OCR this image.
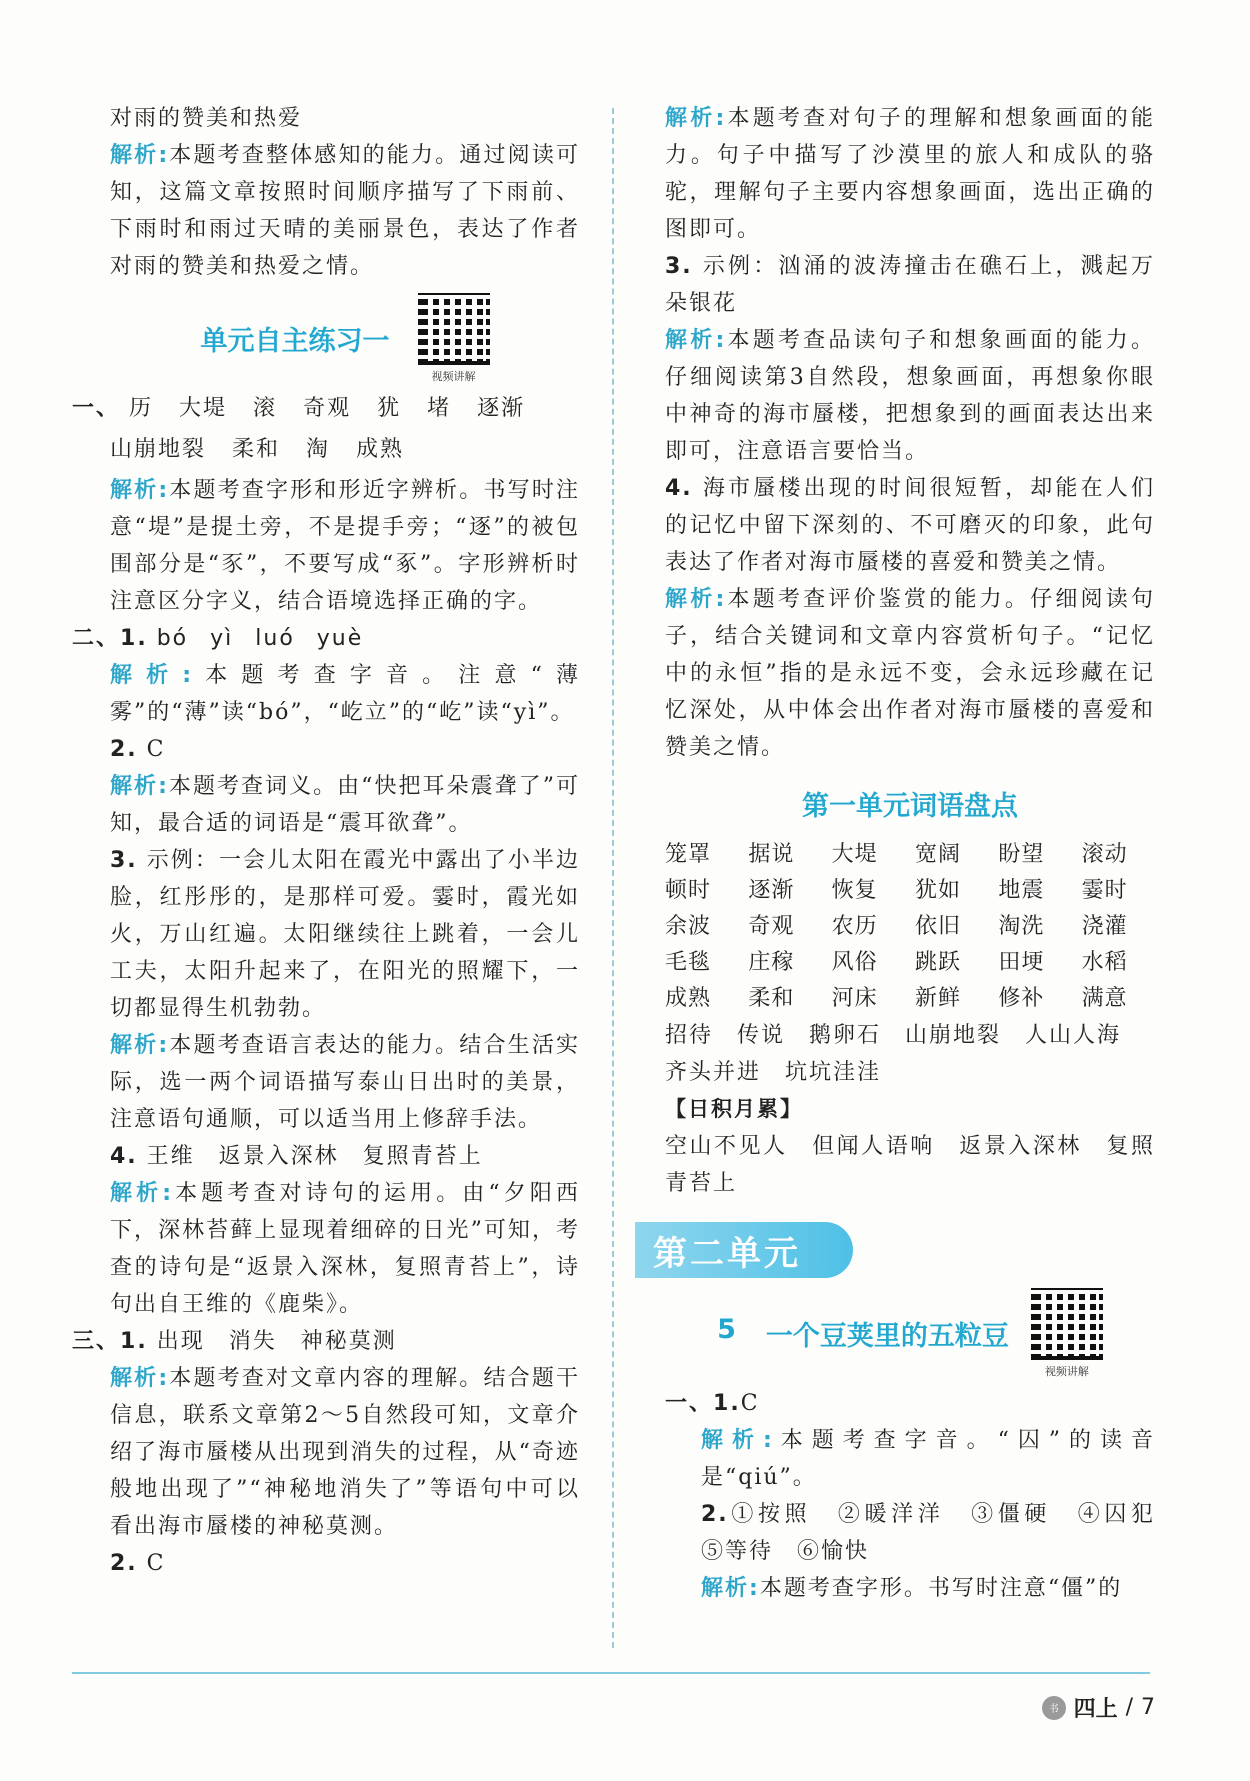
对雨的赞美和热爱

解析:本题考查整体感知的能力。通过阅读可知，这篇文章按照时间顺序描写了下雨前、下雨时和雨过天晴的美丽景色，表达了作者对雨的赞美和热爱之情。

单元自主练习一
视频讲解

一、 历 大堤 滚 奇观 犹 堵 逐渐

山崩地裂 柔和 淘 成熟

解析:本题考查字形和形近字辨析。书写时注意“堤”是提土旁，不是提手旁；“逐”的被包围部分是“豕”，不要写成“豖”。字形辨析时注意区分字义，结合语境选择正确的字。

二、1. bó yì luó yuè

解析:本题考查字音。注意“薄雾”的“薄”读“bó”，“屹立”的“屹”读“yì”。

2. C

解析:本题考查词义。由“快把耳朵震聋了”可知，最合适的词语是“震耳欲聋”。

3. 示例：一会儿太阳在霞光中露出了小半边脸，红彤彤的，是那样可爱。霎时，霞光如火，万山红遍。太阳继续往上跳着，一会儿工夫，太阳升起来了，在阳光的照耀下，一切都显得生机勃勃。

解析:本题考查语言表达的能力。结合生活实际，选一两个词语描写泰山日出时的美景，注意语句通顺，可以适当用上修辞手法。

4. 王维　返景入深林　复照青苔上

解析:本题考查对诗句的运用。由“夕阳西下，深林苔藓上显现着细碎的日光”可知，考查的诗句是“返景入深林，复照青苔上”，诗句出自王维的《鹿柴》。

三、1. 出现　消失　神秘莫测

解析:本题考查对文章内容的理解。结合题干信息，联系文章第2～5自然段可知，文章介绍了海市蜃楼从出现到消失的过程，从“奇迹般地出现了”“神秘地消失了”等语句中可以看出海市蜃楼的神秘莫测。

2. C

解析:本题考查对句子的理解和想象画面的能力。句子中描写了沙漠里的旅人和成队的骆驼，理解句子主要内容想象画面，选出正确的图即可。

3. 示例：汹涌的波涛撞击在礁石上，溅起万朵银花

解析:本题考查品读句子和想象画面的能力。仔细阅读第3自然段，想象画面，再想象你眼中神奇的海市蜃楼，把想象到的画面表达出来即可，注意语言要恰当。

4. 海市蜃楼出现的时间很短暂，却能在人们的记忆中留下深刻的、不可磨灭的印象，此句表达了作者对海市蜃楼的喜爱和赞美之情。

解析:本题考查评价鉴赏的能力。仔细阅读句子，结合关键词和文章内容赏析句子。“记忆中的永恒”指的是永远不变，会永远珍藏在记忆深处，从中体会出作者对海市蜃楼的喜爱和赞美之情。

第一单元词语盘点
笼罩	据说	大堤	宽阔	盼望	滚动
顿时	逐渐	恢复	犹如	地震	霎时
余波	奇观	农历	依旧	淘洗	浇灌
毛毯	庄稼	风俗	跳跃	田埂	水稻
成熟	柔和	河床	新鲜	修补	满意

招待　传说　鹅卵石　山崩地裂　人山人海

齐头并进　坑坑洼洼

【日积月累】

空山不见人　但闻人语响　返景入深林　复照青苔上

第二单元
5 一个豆荚里的五粒豆
视频讲解

一、1.C

解析:本题考查字音。“囚”的读音是“qiú”。

2.①按照　②暖洋洋　③僵硬　④囚犯　⑤等待　⑥愉快

解析:本题考查字形。书写时注意“僵”的

书 四上 / 7
